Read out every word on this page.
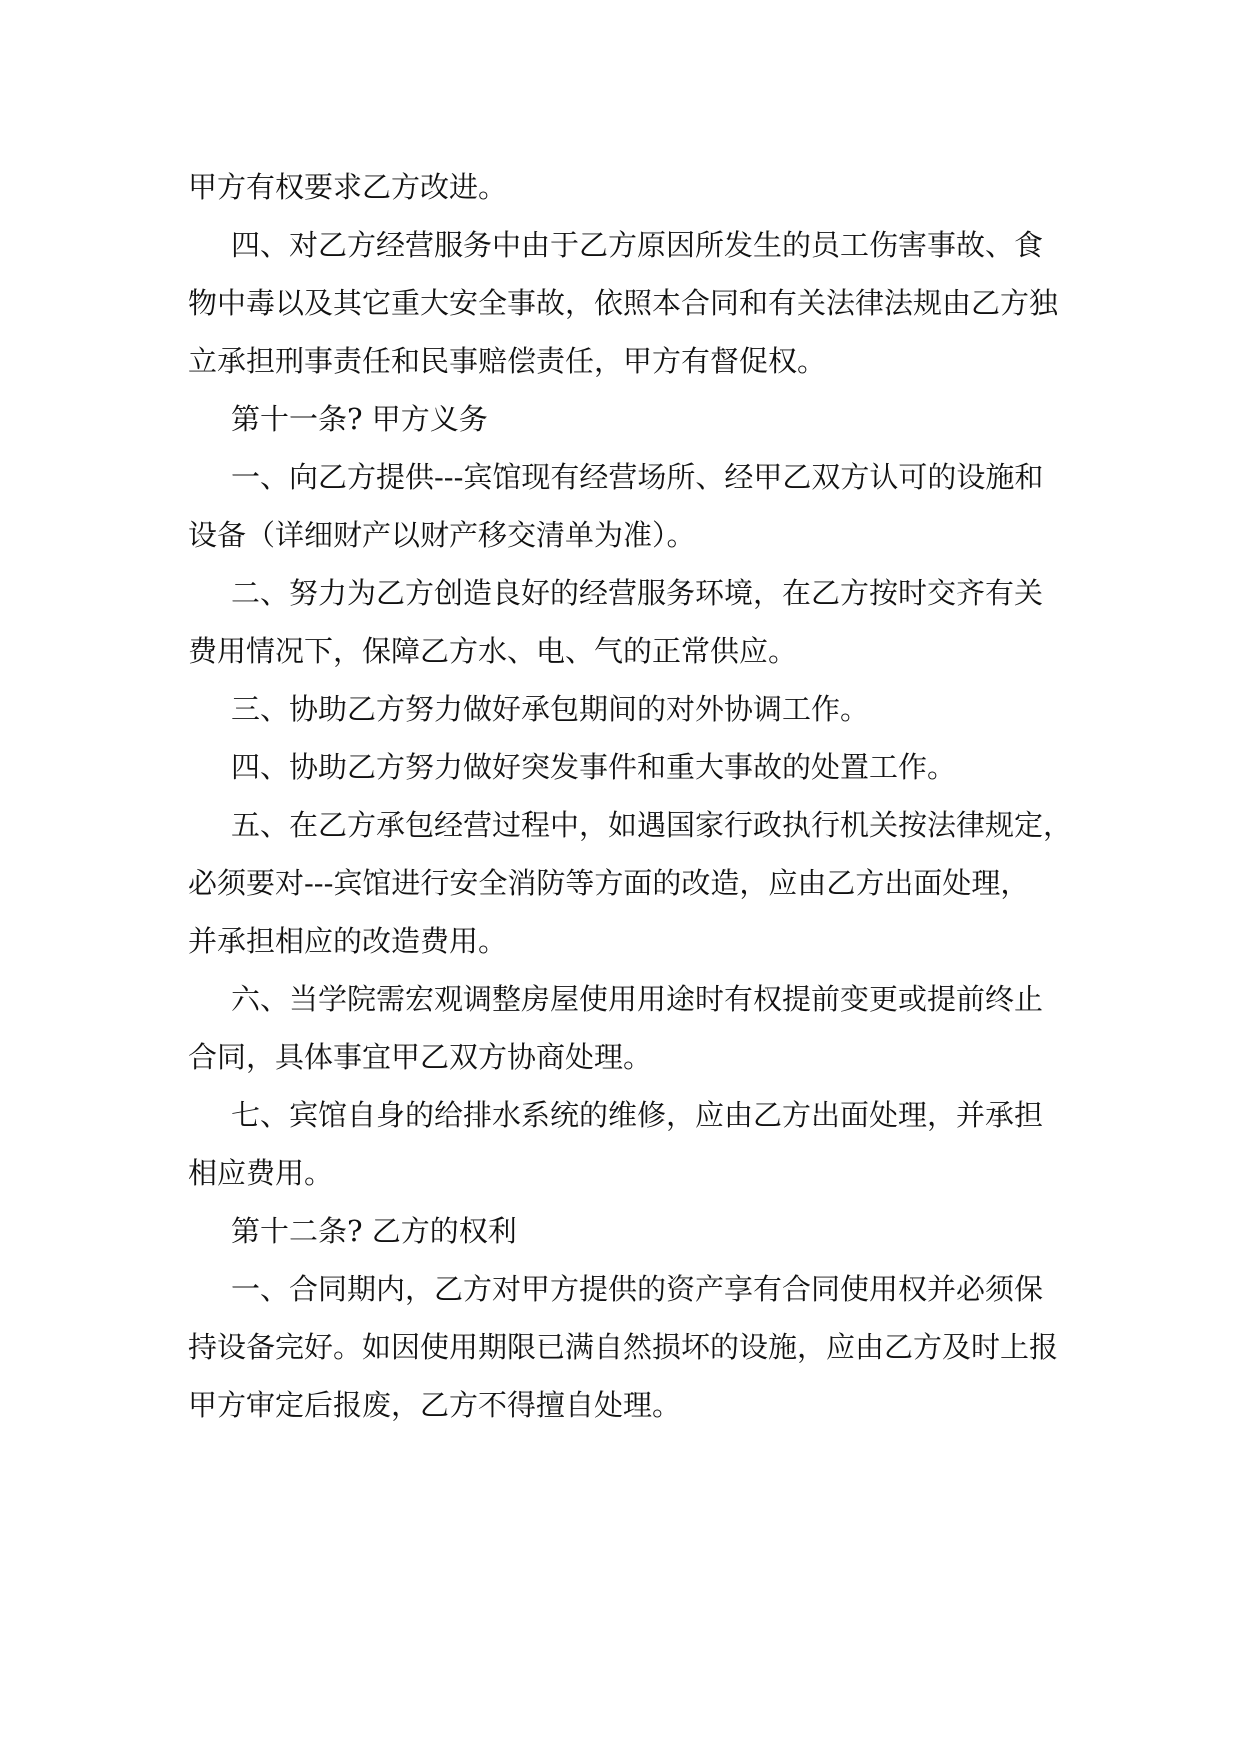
甲方有权要求乙方改进。
四、对乙方经营服务中由于乙方原因所发生的员工伤害事故、食
物中毒以及其它重大安全事故，依照本合同和有关法律法规由乙方独
立承担刑事责任和民事赔偿责任，甲方有督促权。
第十一条? 甲方义务
一、向乙方提供---宾馆现有经营场所、经甲乙双方认可的设施和
设备（详细财产以财产移交清单为准）。
二、努力为乙方创造良好的经营服务环境，在乙方按时交齐有关
费用情况下，保障乙方水、电、气的正常供应。
三、协助乙方努力做好承包期间的对外协调工作。
四、协助乙方努力做好突发事件和重大事故的处置工作。
五、在乙方承包经营过程中，如遇国家行政执行机关按法律规定，
必须要对---宾馆进行安全消防等方面的改造，应由乙方出面处理，
并承担相应的改造费用。
六、当学院需宏观调整房屋使用用途时有权提前变更或提前终止
合同，具体事宜甲乙双方协商处理。
七、宾馆自身的给排水系统的维修，应由乙方出面处理，并承担
相应费用。
第十二条? 乙方的权利
一、合同期内，乙方对甲方提供的资产享有合同使用权并必须保
持设备完好。如因使用期限已满自然损坏的设施，应由乙方及时上报
甲方审定后报废，乙方不得擅自处理。
